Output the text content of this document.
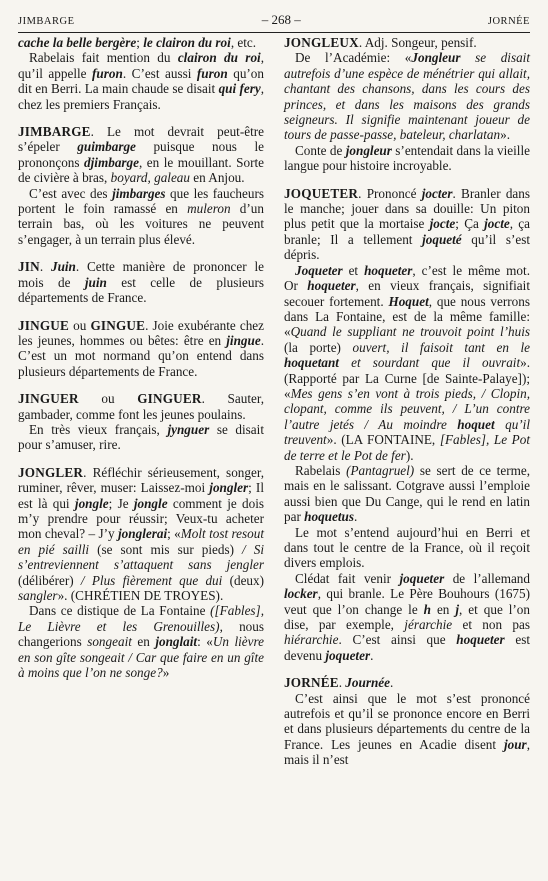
JIMBARGE	– 268 –	JORNÉE

cache la belle bergère; le clairon du roi, etc.

Rabelais fait mention du clairon du roi, qu’il appelle furon. C’est aussi furon qu’on dit en Berri. La main chaude se disait qui fery, chez les premiers Français.

JIMBARGE. Le mot devrait peut-être s’épeler guimbarge puisque nous le prononçons djimbarge, en le mouillant. Sorte de civière à bras, boyard, galeau en Anjou.

C’est avec des jimbarges que les faucheurs portent le foin ramassé en muleron d’un terrain bas, où les voitures ne peuvent s’engager, à un terrain plus élevé.

JIN. Juin. Cette manière de prononcer le mois de juin est celle de plusieurs départements de France.

JINGUE ou GINGUE. Joie exubérante chez les jeunes, hommes ou bêtes: être en jingue. C’est un mot normand qu’on entend dans plusieurs départements de France.

JINGUER ou GINGUER. Sauter, gambader, comme font les jeunes poulains.

En très vieux français, jynguer se disait pour s’amuser, rire.

JONGLER. Réfléchir sérieusement, songer, ruminer, rêver, muser: Laissez-moi jongler; Il est là qui jongle; Je jongle comment je dois m’y prendre pour réussir; Veux-tu acheter mon cheval? – J’y jonglerai; «Molt tost resout en pié sailli (se sont mis sur pieds) / Si s’entreviennent s’attaquent sans jengler (délibérer) / Plus fièrement que dui (deux) sangler». (CHRÉTIEN DE TROYES).

Dans ce distique de La Fontaine ([Fables], Le Lièvre et les Grenouilles), nous changerions songeait en jonglait: «Un lièvre en son gîte songeait / Car que faire en un gîte à moins que l’on ne songe?»

JONGLEUX. Adj. Songeur, pensif.

De l’Académie: «Jongleur se disait autrefois d’une espèce de ménétrier qui allait, chantant des chansons, dans les cours des princes, et dans les maisons des grands seigneurs. Il signifie maintenant joueur de tours de passe-passe, bateleur, charlatan».

Conte de jongleur s’entendait dans la vieille langue pour histoire incroyable.

JOQUETER. Prononcé jocter. Branler dans le manche; jouer dans sa douille: Un piton plus petit que la mortaise jocte; Ça jocte, ça branle; Il a tellement joqueté qu’il s’est dépris.

Joqueter et hoqueter, c’est le même mot. Or hoqueter, en vieux français, signifiait secouer fortement. Hoquet, que nous verrons dans La Fontaine, est de la même famille: «Quand le suppliant ne trouvoit point l’huis (la porte) ouvert, il faisoit tant en le hoquetant et sourdant que il ouvrait». (Rapporté par La Curne [de Sainte-Palaye]); «Mes gens s’en vont à trois pieds, / Clopin, clopant, comme ils peuvent, / L’un contre l’autre jetés / Au moindre hoquet qu’il treuvent». (LA FONTAINE, [Fables], Le Pot de terre et le Pot de fer).

Rabelais (Pantagruel) se sert de ce terme, mais en le salissant. Cotgrave aussi l’emploie aussi bien que Du Cange, qui le rend en latin par hoquetus.

Le mot s’entend aujourd’hui en Berri et dans tout le centre de la France, où il reçoit divers emplois.

Clédat fait venir joqueter de l’allemand locker, qui branle. Le Père Bouhours (1675) veut que l’on change le h en j, et que l’on dise, par exemple, jérarchie et non pas hiérarchie. C’est ainsi que hoqueter est devenu joqueter.

JORNÉE. Journée.

C’est ainsi que le mot s’est prononcé autrefois et qu’il se prononce encore en Berri et dans plusieurs départements du centre de la France. Les jeunes en Acadie disent jour, mais il n’est
